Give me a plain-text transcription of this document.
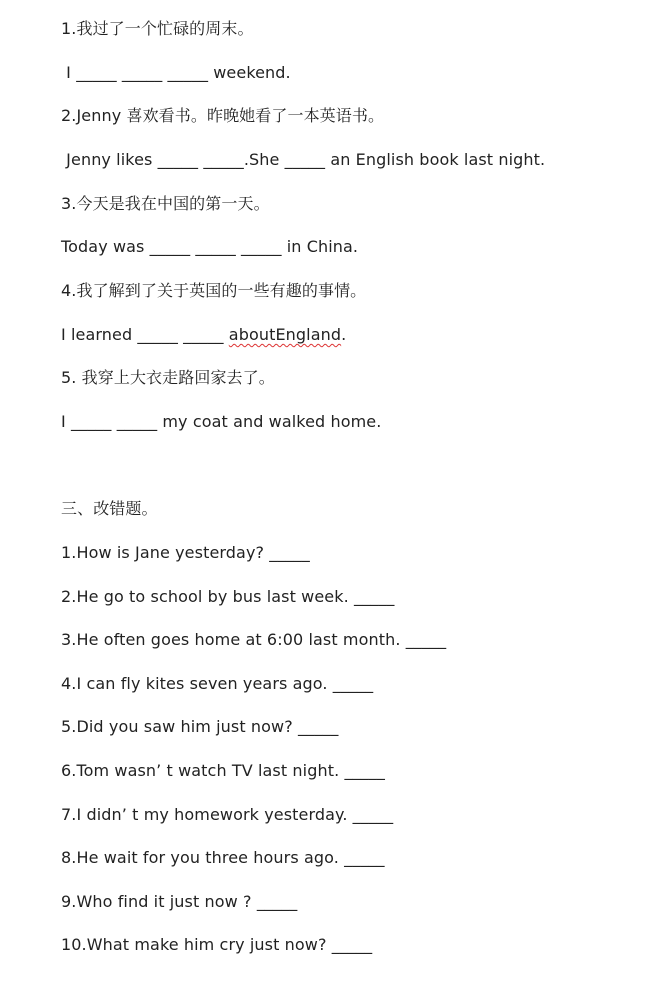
1.我过了一个忙碌的周末。
I _____ _____ _____ weekend.
2.Jenny 喜欢看书。昨晚她看了一本英语书。
Jenny likes _____ _____.She _____ an English book last night.
3.今天是我在中国的第一天。
Today was _____ _____ _____ in China.
4.我了解到了关于英国的一些有趣的事情。
I learned _____ _____ aboutEngland.
5. 我穿上大衣走路回家去了。
I _____ _____ my coat and walked home.
三、改错题。
1.How is Jane yesterday? _____
2.He go to school by bus last week. _____
3.He often goes home at 6:00 last month. _____
4.I can fly kites seven years ago. _____
5.Did you saw him just now? _____
6.Tom wasn’ t watch TV last night. _____
7.I didn’ t my homework yesterday. _____
8.He wait for you three hours ago. _____
9.Who find it just now ? _____
10.What make him cry just now? _____
